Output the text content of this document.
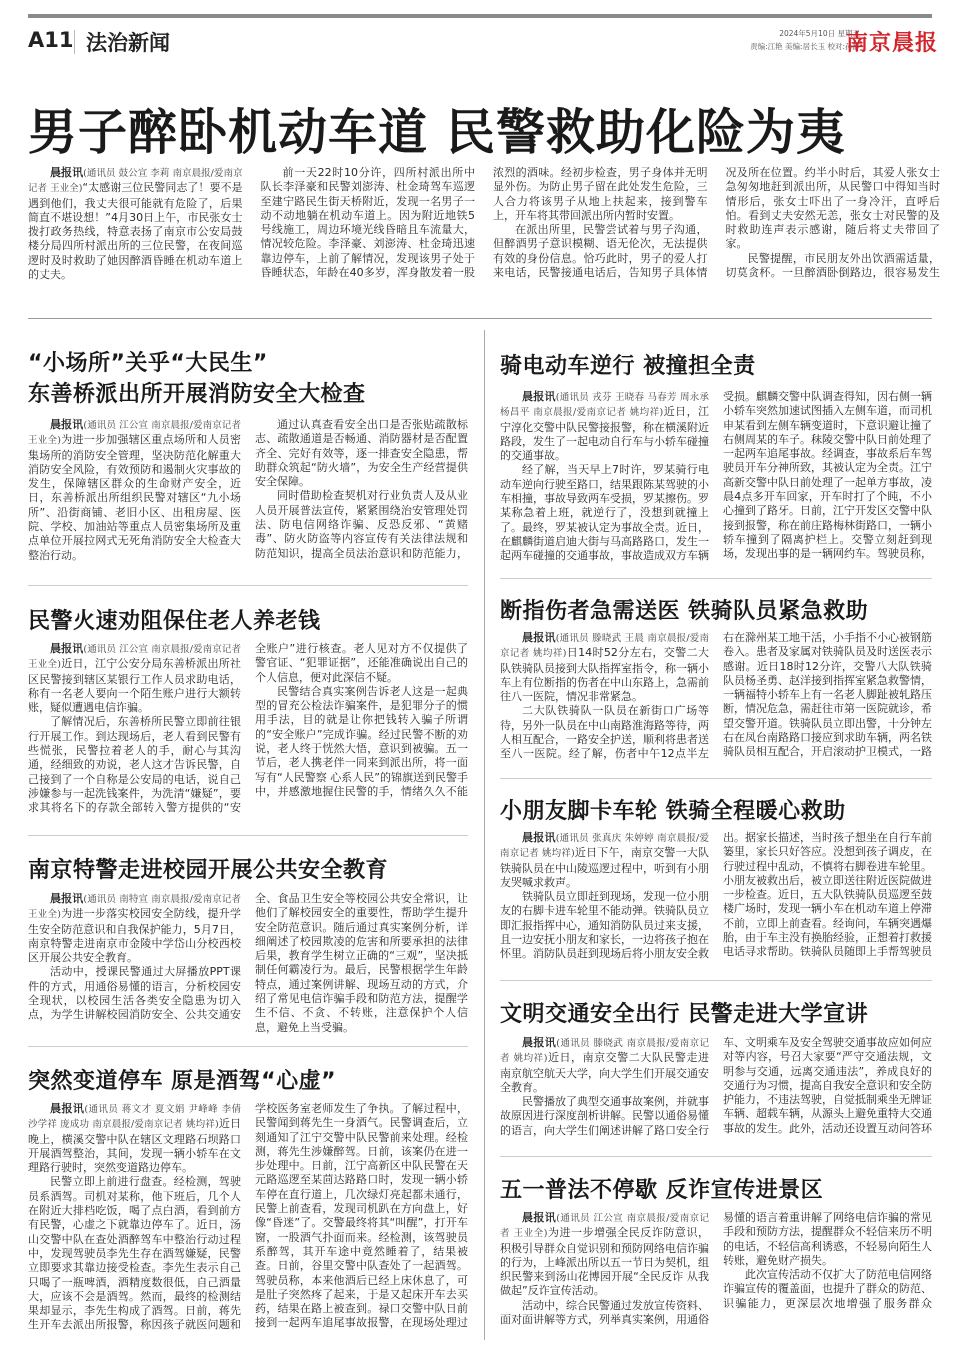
A11 法治新闻	2024年5月10日 星期五
责编:江艳 美编:居长玉 校对:孙静
南京晨报
男子醉卧机动车道 民警救助化险为夷

晨报讯(通讯员 鼓公宣 李莉 南京晨报/爱南京记者 王业全)“太感谢三位民警同志了！要不是遇到他们，我丈夫很可能就有危险了，后果简直不堪设想！”4月30日上午，市民张女士拨打政务热线，特意表扬了南京市公安局鼓楼分局四所村派出所的三位民警，在夜间巡逻时及时救助了她因醉酒昏睡在机动车道上的丈夫。

前一天22时10分许，四所村派出所中队长李泽豪和民警刘澎涛、杜金琦驾车巡逻至建宁路民生街天桥附近，发现一名男子一动不动地躺在机动车道上。因为附近地铁5号线施工，周边环境光线昏暗且车流量大，情况较危险。李泽豪、刘澎涛、杜金琦迅速靠边停车，上前了解情况，发现该男子处于昏睡状态，年龄在40多岁，浑身散发着一股浓烈的酒味。经初步检查，男子身体并无明显外伤。为防止男子留在此处发生危险，三人合力将该男子从地上扶起来，接到警车上，开车将其带回派出所内暂时安置。

在派出所里，民警尝试着与男子沟通，但醉酒男子意识模糊、语无伦次，无法提供有效的身份信息。恰巧此时，男子的爱人打来电话，民警接通电话后，告知男子具体情况及所在位置。约半小时后，其爱人张女士急匆匆地赶到派出所，从民警口中得知当时情形后，张女士吓出了一身冷汗，直呼后怕。看到丈夫安然无恙，张女士对民警的及时救助连声表示感谢，随后将丈夫带回了家。

民警提醒，市民朋友外出饮酒需适量，切莫贪杯。一旦醉酒卧倒路边，很容易发生

“小场所”关乎“大民生”
东善桥派出所开展消防安全大检查

晨报讯(通讯员 江公宣 南京晨报/爱南京记者 王业全)为进一步加强辖区重点场所和人员密集场所的消防安全管理，坚决防范化解重大消防安全风险，有效预防和遏制火灾事故的发生，保障辖区群众的生命财产安全，近日，东善桥派出所组织民警对辖区“九小场所”、沿街商铺、老旧小区、出租房屋、医院、学校、加油站等重点人员密集场所及重点单位开展拉网式无死角消防安全大检查大整治行动。

通过认真查看安全出口是否张贴疏散标志、疏散通道是否畅通、消防器材是否配置齐全、完好有效等，逐一排查安全隐患，帮助群众筑起“防火墙”，为安全生产经营提供安全保障。

同时借助检查契机对行业负责人及从业人员开展普法宣传，紧紧围绕治安管理处罚法、防电信网络诈骗、反恐反邪、“黄赌毒”、防火防盗等内容宣传有关法律法规和防范知识，提高全员法治意识和防范能力，

民警火速劝阻保住老人养老钱

晨报讯(通讯员 江公宣 南京晨报/爱南京记者 王业全)近日，江宁公安分局东善桥派出所社区民警接到辖区某银行工作人员求助电话，称有一名老人要向一个陌生账户进行大额转账，疑似遭遇电信诈骗。

了解情况后，东善桥所民警立即前往银行开展工作。到达现场后，老人看到民警有些慌张，民警拉着老人的手，耐心与其沟通，经细致的劝说，老人这才告诉民警，自己接到了一个自称是公安局的电话，说自己涉嫌参与一起洗钱案件，为洗清“嫌疑”，要求其将名下的存款全部转入警方提供的“安全账户”进行核查。老人见对方不仅提供了警官证、“犯罪证据”，还能准确说出自己的个人信息，便对此深信不疑。

民警结合真实案例告诉老人这是一起典型的冒充公检法诈骗案件，是犯罪分子的惯用手法，目的就是让你把钱转入骗子所谓的“安全账户”完成诈骗。经过民警不断的劝说，老人终于恍然大悟，意识到被骗。五一节后，老人携老伴一同来到派出所，将一面写有“人民警察 心系人民”的锦旗送到民警手中，并感激地握住民警的手，情绪久久不能

南京特警走进校园开展公共安全教育

晨报讯(通讯员 南特宣 南京晨报/爱南京记者 王业全)为进一步落实校园安全防线，提升学生安全防范意识和自我保护能力，5月7日，南京特警走进南京市金陵中学岱山分校西校区开展公共安全教育。

活动中，授课民警通过大屏播放PPT课件的方式，用通俗易懂的语言，分析校园安全现状，以校园生活各类安全隐患为切入点，为学生讲解校园消防安全、公共交通安全、食品卫生安全等校园公共安全常识，让他们了解校园安全的重要性，帮助学生提升安全防范意识。随后通过真实案例分析，详细阐述了校园欺凌的危害和所要承担的法律后果，教育学生树立正确的“三观”，坚决抵制任何霸凌行为。最后，民警根据学生年龄特点，通过案例讲解、现场互动的方式，介绍了常见电信诈骗手段和防范方法，提醒学生不信、不贪、不转账，注意保护个人信息，避免上当受骗。

突然变道停车 原是酒驾“心虚”

晨报讯(通讯员 蒋文才 夏文娟 尹峰峰 李倩 沙学祥 庞成功 南京晨报/爱南京记者 姚均祥)近日晚上，横溪交警中队在辖区文理路石坝路口开展酒驾整治，其间，发现一辆小轿车在文理路行驶时，突然变道路边停车。

民警立即上前进行盘查。经检测，驾驶员系酒驾。司机对某称，他下班后，几个人在附近大排档吃饭，喝了点白酒，看到前方有民警，心虚之下就靠边停车了。近日，汤山交警中队在查处酒醉驾车中整治行动过程中，发现驾驶员李先生存在酒驾嫌疑，民警立即要求其靠边接受检查。李先生表示自己只喝了一瓶啤酒，酒精度数很低，自己酒量大，应该不会是酒驾。然而，最终的检测结果却显示，李先生构成了酒驾。日前，蒋先生开车去派出所报警，称因孩子就医问题和学校医务室老师发生了争执。了解过程中，民警闻到蒋先生一身酒气。民警调查后，立刻通知了江宁交警中队民警前来处理。经检测，蒋先生涉嫌醉驾。日前，该案仍在进一步处理中。日前，江宁高新区中队民警在天元路巡逻至某茴达路路口时，发现一辆小轿车停在直行道上，几次绿灯亮起都未通行，民警上前查看，发现司机趴在方向盘上，好像“昏迷”了。交警最终将其“叫醒”，打开车窗，一股酒气扑面而来。经检测，该驾驶员系醉驾，其开车途中竟然睡着了，结果被查。日前，谷里交警中队查处了一起酒驾。驾驶员称，本来他酒后已经上床休息了，可是肚子突然疼了起来，于是又起床开车去买药，结果在路上被查到。禄口交警中队日前接到一起两车追尾事故报警，在现场处理过

骑电动车逆行 被撞担全责

晨报讯(通讯员 戎芬 王晓春 马春芳 周永承 杨昌平 南京晨报/爱南京记者 姚均祥)近日，江宁淳化交警中队民警接报警，称在横溪附近路段，发生了一起电动自行车与小轿车碰撞的交通事故。

经了解，当天早上7时许，罗某骑行电动车逆向行驶至路口，结果跟陈某驾驶的小车相撞，事故导致两车受损，罗某擦伤。罗某称急着上班，就逆行了，没想到就撞上了。最终，罗某被认定为事故全责。近日，在麒麟街道启迪大街与马高路路口，发生一起两车碰撞的交通事故，事故造成双方车辆受损。麒麟交警中队调查得知，因右侧一辆小轿车突然加速试图插入左侧车道，而司机申某看到左侧车辆变道时，下意识避让撞了右侧周某的车子。秣陵交警中队日前处理了一起两车追尾事故。经调查，事故系后车驾驶员开车分神所致，其被认定为全责。江宁高新交警中队日前处理了一起单方事故，凌晨4点多开车回家，开车时打了个盹，不小心撞到了路牙。日前，江宁开发区交警中队接到报警，称在前庄路梅林街路口，一辆小轿车撞到了隔离护栏上。交警立刻赶到现场，发现出事的是一辆网约车。驾驶员称，

断指伤者急需送医 铁骑队员紧急救助

晨报讯(通讯员 滕晓武 王晨 南京晨报/爱南京记者 姚均祥)日14时52分左右，交警二大队铁骑队员接到大队指挥室指令，称一辆小车上有位断指的伤者在中山东路上，急需前往八一医院，情况非常紧急。

二大队铁骑队一队员在新街口广场等待，另外一队员在中山南路淮海路等待，两人相互配合，一路安全护送，顺利将患者送至八一医院。经了解，伤者中午12点半左右在滁州某工地干活，小手指不小心被钢筋卷入。患者及家属对铁骑队员及时送医表示感谢。近日18时12分许，交警八大队铁骑队员杨圣勇、赵洋接到指挥室紧急救警情，一辆福特小轿车上有一名老人脚趾被轧路压断，情况危急，需赶往市第一医院就诊，希望交警开道。铁骑队员立即出警，十分钟左右在凤台南路路口接应到求助车辆，两名铁骑队员相互配合，开启滚动护卫模式，一路

小朋友脚卡车轮 铁骑全程暖心救助

晨报讯(通讯员 张真庆 朱婷婷 南京晨报/爱南京记者 姚均祥)近日下午，南京交警一大队铁骑队员在中山陵巡逻过程中，听到有小朋友哭喊求救声。

铁骑队员立即赶到现场，发现一位小朋友的右脚卡进车轮里不能动弹。铁骑队员立即汇报指挥中心，通知消防队员过来支援，且一边安抚小朋友和家长，一边将孩子抱在怀里。消防队员赶到现场后将小朋友安全救出。据家长描述，当时孩子想坐在自行车前篓里，家长只好答应。没想到孩子调皮，在行驶过程中乱动，不慎将右脚卷进车轮里。小朋友被救出后，被立即送往附近医院做进一步检查。近日，五大队铁骑队员巡逻至鼓楼广场时，发现一辆小车在机动车道上停滞不前，立即上前查看。经询问，车辆突遇爆胎，由于车主没有换胎经验，正想着打救援电话寻求帮助。铁骑队员随即上手帮驾驶员

文明交通安全出行 民警走进大学宣讲

晨报讯(通讯员 滕晓武 南京晨报/爱南京记者 姚均祥)近日，南京交警二大队民警走进南京航空航天大学，向大学生们开展交通安全教育。

民警播放了典型交通事故案例，并就事故原因进行深度剖析讲解。民警以通俗易懂的语言，向大学生们阐述讲解了路口安全行车、文明乘车及安全驾驶交通事故应如何应对等内容，号召大家要“严守交通法规，文明参与交通，远离交通违法”，养成良好的交通行为习惯，提高自我安全意识和安全防护能力，不违法驾驶，自觉抵制乘坐无牌证车辆、超载车辆，从源头上避免重特大交通事故的发生。此外，活动还设置互动问答环

五一普法不停歇 反诈宣传进景区

晨报讯(通讯员 江公宣 南京晨报/爱南京记者 王业全)为进一步增强全民反诈防意识，积极引导群众自觉识别和预防网络电信诈骗的行为，上峰派出所以五一节日为契机，组织民警来到汤山花博园开展“全民反诈 从我做起”反诈宣传活动。

活动中，综合民警通过发放宣传资料、面对面讲解等方式，列举真实案例，用通俗易懂的语言着重讲解了网络电信诈骗的常见手段和预防方法，提醒群众不轻信来历不明的电话，不轻信高利诱惑，不轻易向陌生人转账，避免财产损失。

此次宣传活动不仅扩大了防范电信网络诈骗宣传的覆盖面，也提升了群众的防范、识骗能力，更深层次地增强了服务群众
